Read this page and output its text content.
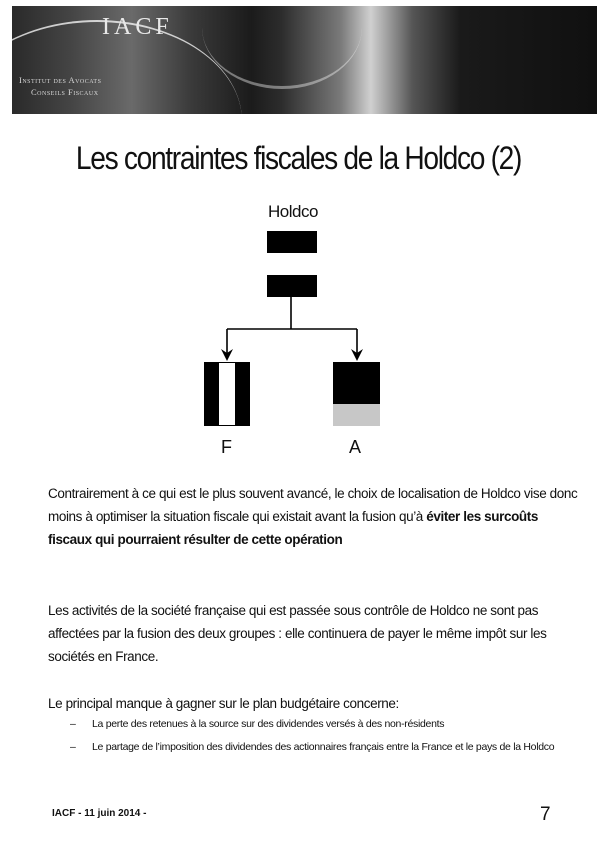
IACF
Institut des Avocats
Conseils Fiscaux
Les contraintes fiscales de la Holdco (2)
Holdco
F	A
Contrairement à ce qui est le plus souvent avancé, le choix de localisation de Holdco vise donc moins à optimiser la situation fiscale qui existait avant la fusion qu’à éviter les surcoûts fiscaux qui pourraient résulter de cette opération
Les activités de la société française qui est passée sous contrôle de Holdco ne sont pas affectées par la fusion des deux groupes : elle continuera de payer le même impôt sur les sociétés en France.
Le principal manque à gagner sur le plan budgétaire concerne:
–	La perte des retenues à la source sur des dividendes versés à des non-résidents
–	Le partage de l’imposition des dividendes des actionnaires français entre la France et le pays de la Holdco
IACF - 11 juin 2014 -	7
